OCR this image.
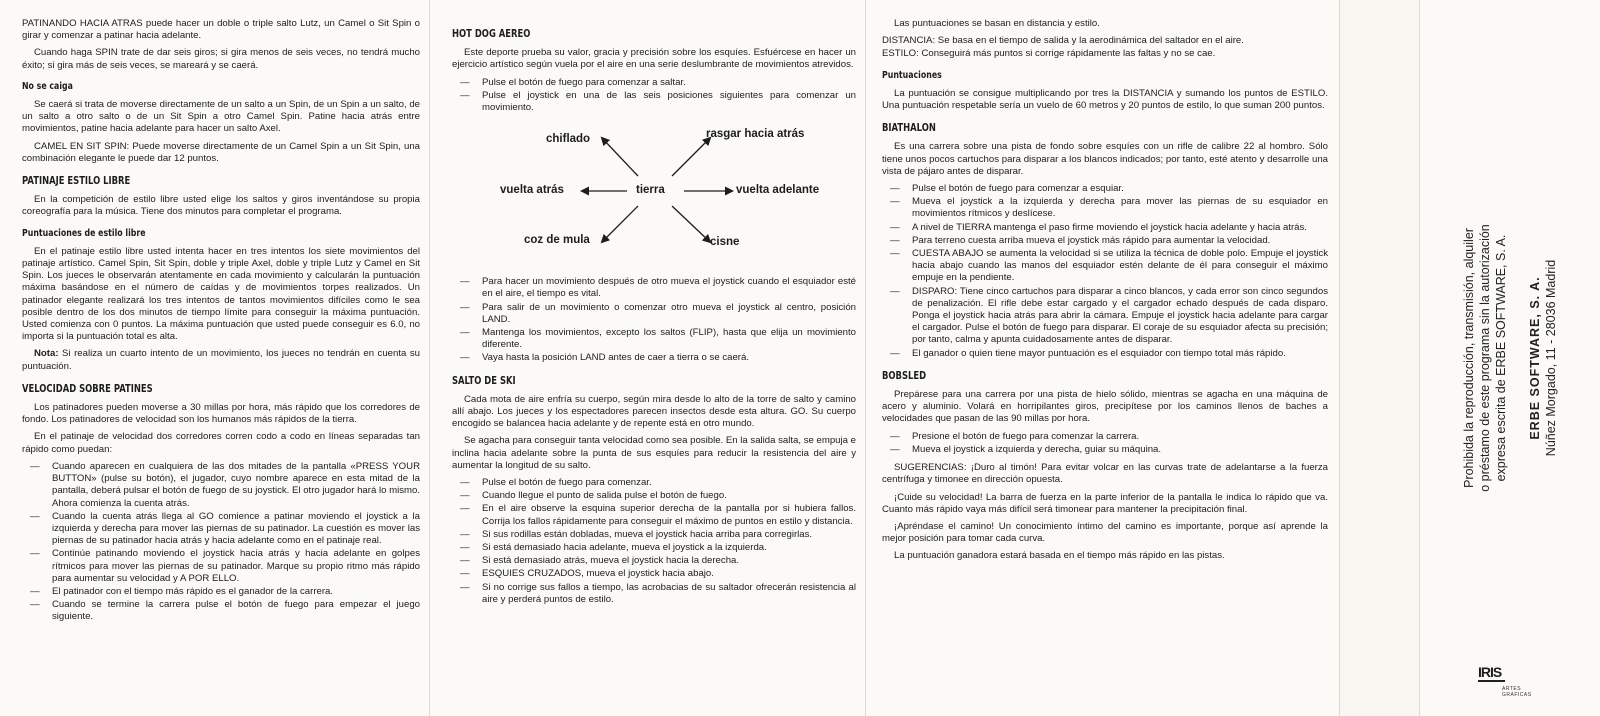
PATINANDO HACIA ATRAS puede hacer un doble o triple salto Lutz, un Camel o Sit Spin o girar y comenzar a patinar hacia adelante.

Cuando haga SPIN trate de dar seis giros; si gira menos de seis veces, no tendrá mucho éxito; si gira más de seis veces, se mareará y se caerá.

No se caiga

Se caerá si trata de moverse directamente de un salto a un Spin, de un Spin a un salto, de un salto a otro salto o de un Sit Spin a otro Camel Spin. Patine hacia atrás entre movimientos, patine hacia adelante para hacer un salto Axel.

CAMEL EN SIT SPIN: Puede moverse directamente de un Camel Spin a un Sit Spin, una combinación elegante le puede dar 12 puntos.

PATINAJE ESTILO LIBRE

En la competición de estilo libre usted elige los saltos y giros inventándose su propia coreografía para la música. Tiene dos minutos para completar el programa.

Puntuaciones de estilo libre

En el patinaje estilo libre usted intenta hacer en tres intentos los siete movimientos del patinaje artístico. Camel Spin, Sit Spin, doble y triple Axel, doble y triple Lutz y Camel en Sit Spin. Los jueces le observarán atentamente en cada movimiento y calcularán la puntuación máxima basándose en el número de caídas y de movimientos torpes realizados. Un patinador elegante realizará los tres intentos de tantos movimientos difíciles como le sea posible dentro de los dos minutos de tiempo límite para conseguir la máxima puntuación. Usted comienza con 0 puntos. La máxima puntuación que usted puede conseguir es 6.0, no importa si la puntuación total es alta.

Nota: Si realiza un cuarto intento de un movimiento, los jueces no tendrán en cuenta su puntuación.

VELOCIDAD SOBRE PATINES

Los patinadores pueden moverse a 30 millas por hora, más rápido que los corredores de fondo. Los patinadores de velocidad son los humanos más rápidos de la tierra.

En el patinaje de velocidad dos corredores corren codo a codo en líneas separadas tan rápido como puedan:

— Cuando aparecen en cualquiera de las dos mitades de la pantalla «PRESS YOUR BUTTON» (pulse su botón), el jugador, cuyo nombre aparece en esta mitad de la pantalla, deberá pulsar el botón de fuego de su joystick. El otro jugador hará lo mismo. Ahora comienza la cuenta atrás.
— Cuando la cuenta atrás llega al GO comience a patinar moviendo el joystick a la izquierda y derecha para mover las piernas de su patinador. La cuestión es mover las piernas de su patinador hacia atrás y hacia adelante como en el patinaje real.
— Continúe patinando moviendo el joystick hacia atrás y hacia adelante en golpes rítmicos para mover las piernas de su patinador. Marque su propio ritmo más rápido para aumentar su velocidad y A POR ELLO.
— El patinador con el tiempo más rápido es el ganador de la carrera.
— Cuando se termine la carrera pulse el botón de fuego para empezar el juego siguiente.
HOT DOG AEREO

Este deporte prueba su valor, gracia y precisión sobre los esquíes. Esfuércese en hacer un ejercicio artístico según vuela por el aire en una serie deslumbrante de movimientos atrevidos.

— Pulse el botón de fuego para comenzar a saltar.
— Pulse el joystick en una de las seis posiciones siguientes para comenzar un movimiento.
tierra
chiflado	rasgar hacia atrás
vuelta atrás	vuelta adelante
coz de mula	cisne
— Para hacer un movimiento después de otro mueva el joystick cuando el esquiador esté en el aire, el tiempo es vital.
— Para salir de un movimiento o comenzar otro mueva el joystick al centro, posición LAND.
— Mantenga los movimientos, excepto los saltos (FLIP), hasta que elija un movimiento diferente.
— Vaya hasta la posición LAND antes de caer a tierra o se caerá.
SALTO DE SKI

Cada mota de aire enfría su cuerpo, según mira desde lo alto de la torre de salto y camino allí abajo. Los jueces y los espectadores parecen insectos desde esta altura. GO. Su cuerpo encogido se balancea hacia adelante y de repente está en otro mundo.

Se agacha para conseguir tanta velocidad como sea posible. En la salida salta, se empuja e inclina hacia adelante sobre la punta de sus esquíes para reducir la resistencia del aire y aumentar la longitud de su salto.

— Pulse el botón de fuego para comenzar.
— Cuando llegue el punto de salida pulse el botón de fuego.
— En el aire observe la esquina superior derecha de la pantalla por si hubiera fallos. Corrija los fallos rápidamente para conseguir el máximo de puntos en estilo y distancia.
— Si sus rodillas están dobladas, mueva el joystick hacia arriba para corregirlas.
— Si está demasiado hacia adelante, mueva el joystick a la izquierda.
— Si está demasiado atrás, mueva el joystick hacia la derecha.
— ESQUIES CRUZADOS, mueva el joystick hacia abajo.
— Si no corrige sus fallos a tiempo, las acrobacias de su saltador ofrecerán resistencia al aire y perderá puntos de estilo.

Las puntuaciones se basan en distancia y estilo.

DISTANCIA: Se basa en el tiempo de salida y la aerodinámica del saltador en el aire.

ESTILO: Conseguirá más puntos si corrige rápidamente las faltas y no se cae.

Puntuaciones

La puntuación se consigue multiplicando por tres la DISTANCIA y sumando los puntos de ESTILO. Una puntuación respetable sería un vuelo de 60 metros y 20 puntos de estilo, lo que suman 200 puntos.

BIATHALON

Es una carrera sobre una pista de fondo sobre esquíes con un rifle de calibre 22 al hombro. Sólo tiene unos pocos cartuchos para disparar a los blancos indicados; por tanto, esté atento y desarrolle una vista de pájaro antes de disparar.

— Pulse el botón de fuego para comenzar a esquiar.
— Mueva el joystick a la izquierda y derecha para mover las piernas de su esquiador en movimientos rítmicos y deslícese.
— A nivel de TIERRA mantenga el paso firme moviendo el joystick hacia adelante y hacia atrás.
— Para terreno cuesta arriba mueva el joystick más rápido para aumentar la velocidad.
— CUESTA ABAJO se aumenta la velocidad si se utiliza la técnica de doble polo. Empuje el joystick hacia abajo cuando las manos del esquiador estén delante de él para conseguir el máximo empuje en la pendiente.
— DISPARO: Tiene cinco cartuchos para disparar a cinco blancos, y cada error son cinco segundos de penalización. El rifle debe estar cargado y el cargador echado después de cada disparo. Ponga el joystick hacia atrás para abrir la cámara. Empuje el joystick hacia adelante para cargar el cargador. Pulse el botón de fuego para disparar. El coraje de su esquiador afecta su precisión; por tanto, calma y apunta cuidadosamente antes de disparar.
— El ganador o quien tiene mayor puntuación es el esquiador con tiempo total más rápido.
BOBSLED

Prepárese para una carrera por una pista de hielo sólido, mientras se agacha en una máquina de acero y aluminio. Volará en horripilantes giros, precipítese por los caminos llenos de baches a velocidades que pasan de las 90 millas por hora.

— Presione el botón de fuego para comenzar la carrera.
— Mueva el joystick a izquierda y derecha, guiar su máquina.

SUGERENCIAS: ¡Duro al timón! Para evitar volcar en las curvas trate de adelantarse a la fuerza centrífuga y timonee en dirección opuesta.

¡Cuide su velocidad! La barra de fuerza en la parte inferior de la pantalla le indica lo rápido que va. Cuanto más rápido vaya más difícil será timonear para mantener la precipitación final.

¡Apréndase el camino! Un conocimiento íntimo del camino es importante, porque así aprende la mejor posición para tomar cada curva.

La puntuación ganadora estará basada en el tiempo más rápido en las pistas.

Prohibida la reproducción, transmisión, alquiler o préstamo de este programa sin la autorización expresa escrita de ERBE SOFTWARE, S. A. ERBE SOFTWARE, S. A. Núñez Morgado, 11 - 28036 Madrid
IRIS
ARTES GRAFICAS
